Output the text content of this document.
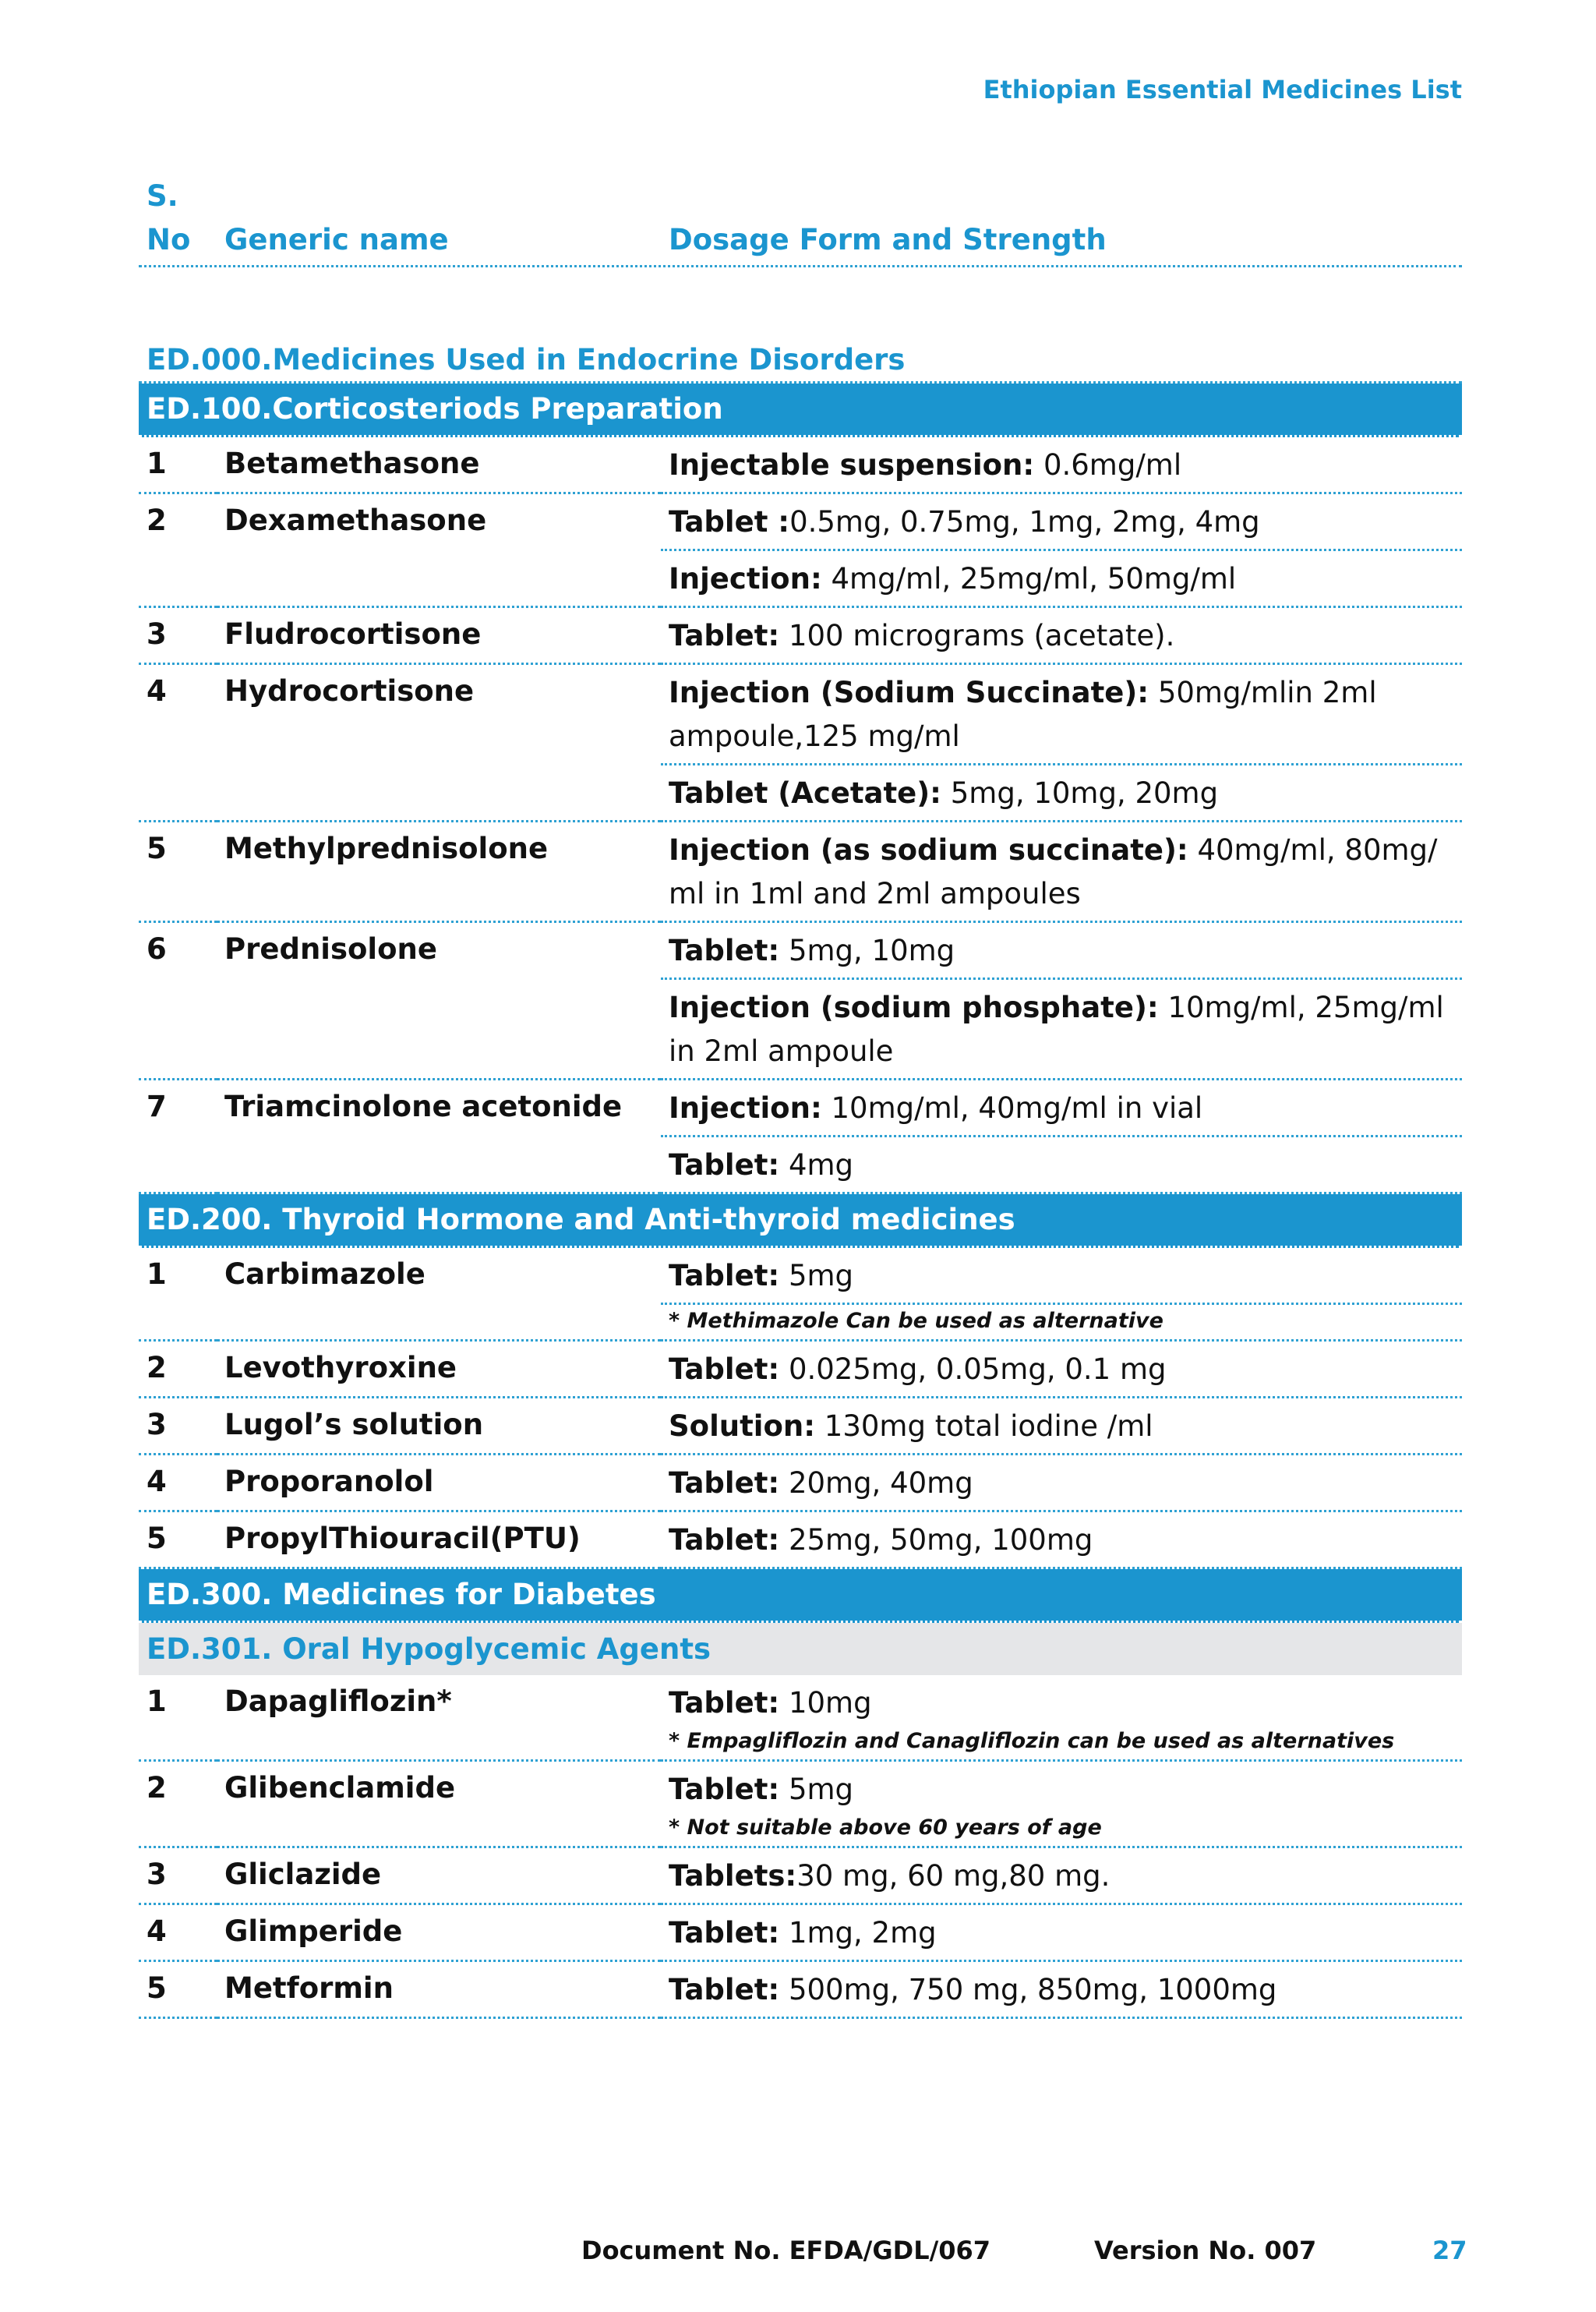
Ethiopian Essential Medicines List
S.
No Generic name	Dosage Form and Strength
ED.000.Medicines Used in Endocrine Disorders
ED.100.Corticosteriods Preparation
1	Betamethasone	Injectable suspension: 0.6mg/ml
2	Dexamethasone	Tablet :0.5mg, 0.75mg, 1mg, 2mg, 4mg
Injection: 4mg/ml, 25mg/ml, 50mg/ml
3	Fludrocortisone	Tablet: 100 micrograms (acetate).
4	Hydrocortisone	Injection (Sodium Succinate): 50mg/mlin 2ml ampoule,125 mg/ml
Tablet (Acetate): 5mg, 10mg, 20mg
5	Methylprednisolone	Injection (as sodium succinate): 40mg/ml, 80mg/ ml in 1ml and 2ml ampoules
6	Prednisolone	Tablet: 5mg, 10mg
Injection (sodium phosphate): 10mg/ml, 25mg/ml in 2ml ampoule
7	Triamcinolone acetonide	Injection: 10mg/ml, 40mg/ml in vial
Tablet: 4mg
ED.200. Thyroid Hormone and Anti-thyroid medicines
1	Carbimazole	Tablet: 5mg
* Methimazole Can be used as alternative
2	Levothyroxine	Tablet: 0.025mg, 0.05mg, 0.1 mg
3	Lugol’s solution	Solution: 130mg total iodine /ml
4	Proporanolol	Tablet: 20mg, 40mg
5	PropylThiouracil(PTU)	Tablet: 25mg, 50mg, 100mg
ED.300. Medicines for Diabetes
ED.301. Oral Hypoglycemic Agents
1	Dapagliflozin*	Tablet: 10mg
* Empagliflozin and Canagliflozin can be used as alternatives
2	Glibenclamide	Tablet: 5mg
* Not suitable above 60 years of age
3	Gliclazide	Tablets:30 mg, 60 mg,80 mg.
4	Glimperide	Tablet: 1mg, 2mg
5	Metformin	Tablet: 500mg, 750 mg, 850mg, 1000mg
Document No. EFDA/GDL/067	Version No. 007	27
